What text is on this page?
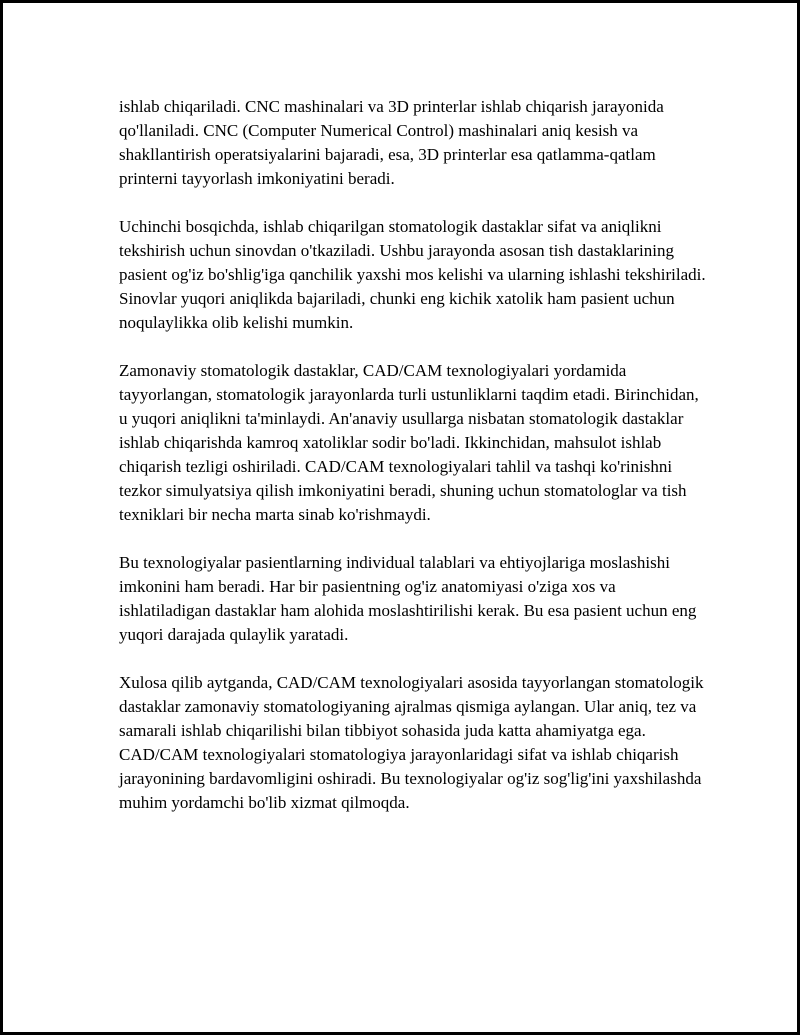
ishlab chiqariladi. CNC mashinalari va 3D printerlar ishlab chiqarish jarayonida qo'llaniladi. CNC (Computer Numerical Control) mashinalari aniq kesish va shakllantirish operatsiyalarini bajaradi, esa, 3D printerlar esa qatlamma-qatlam printerni tayyorlash imkoniyatini beradi.

Uchinchi bosqichda, ishlab chiqarilgan stomatologik dastaklar sifat va aniqlikni tekshirish uchun sinovdan o'tkaziladi. Ushbu jarayonda asosan tish dastaklarining pasient og'iz bo'shlig'iga qanchilik yaxshi mos kelishi va ularning ishlashi tekshiriladi. Sinovlar yuqori aniqlikda bajariladi, chunki eng kichik xatolik ham pasient uchun noqulaylikka olib kelishi mumkin.

Zamonaviy stomatologik dastaklar, CAD/CAM texnologiyalari yordamida tayyorlangan, stomatologik jarayonlarda turli ustunliklarni taqdim etadi. Birinchidan, u yuqori aniqlikni ta'minlaydi. An'anaviy usullarga nisbatan stomatologik dastaklar ishlab chiqarishda kamroq xatoliklar sodir bo'ladi. Ikkinchidan, mahsulot ishlab chiqarish tezligi oshiriladi. CAD/CAM texnologiyalari tahlil va tashqi ko'rinishni tezkor simulyatsiya qilish imkoniyatini beradi, shuning uchun stomatologlar va tish texniklari bir necha marta sinab ko'rishmaydi.

Bu texnologiyalar pasientlarning individual talablari va ehtiyojlariga moslashishi imkonini ham beradi. Har bir pasientning og'iz anatomiyasi o'ziga xos va ishlatiladigan dastaklar ham alohida moslashtirilishi kerak. Bu esa pasient uchun eng yuqori darajada qulaylik yaratadi.

Xulosa qilib aytganda, CAD/CAM texnologiyalari asosida tayyorlangan stomatologik dastaklar zamonaviy stomatologiyaning ajralmas qismiga aylangan. Ular aniq, tez va samarali ishlab chiqarilishi bilan tibbiyot sohasida juda katta ahamiyatga ega. CAD/CAM texnologiyalari stomatologiya jarayonlaridagi sifat va ishlab chiqarish jarayonining bardavomligini oshiradi. Bu texnologiyalar og'iz sog'lig'ini yaxshilashda muhim yordamchi bo'lib xizmat qilmoqda.
